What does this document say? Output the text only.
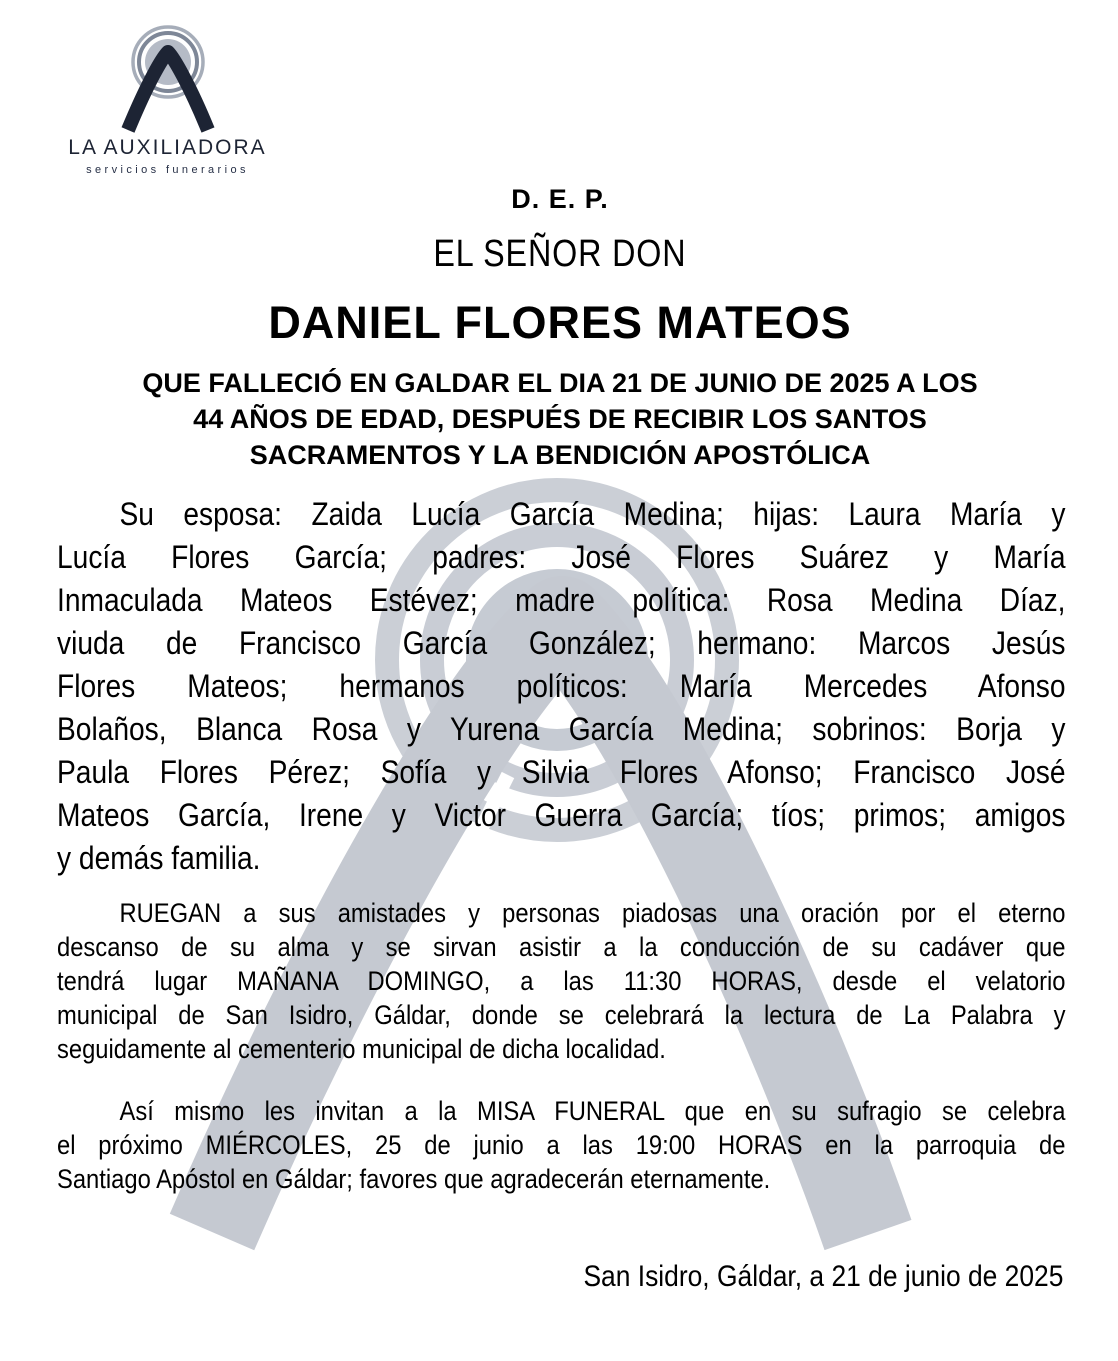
LA AUXILIADORA
servicios funerarios
D. E. P.
EL SEÑOR DON
DANIEL FLORES MATEOS
QUE FALLECIÓ EN GALDAR EL DIA 21 DE JUNIO DE 2025 A LOS
44 AÑOS DE EDAD, DESPUÉS DE RECIBIR LOS SANTOS
SACRAMENTOS Y LA BENDICIÓN APOSTÓLICA
Su esposa: Zaida Lucía García Medina; hijas: Laura María y
Lucía Flores García; padres: José Flores Suárez y María
Inmaculada Mateos Estévez; madre política: Rosa Medina Díaz,
viuda de Francisco García González; hermano: Marcos Jesús
Flores Mateos; hermanos políticos: María Mercedes Afonso
Bolaños, Blanca Rosa y Yurena García Medina; sobrinos: Borja y
Paula Flores Pérez; Sofía y Silvia Flores Afonso; Francisco José
Mateos García, Irene y Victor Guerra García; tíos; primos; amigos
y demás familia.
RUEGAN a sus amistades y personas piadosas una oración por el eterno
descanso de su alma y se sirvan asistir a la conducción de su cadáver que
tendrá lugar MAÑANA DOMINGO, a las 11:30 HORAS, desde el velatorio
municipal de San Isidro, Gáldar, donde se celebrará la lectura de La Palabra y
seguidamente al cementerio municipal de dicha localidad.
Así mismo les invitan a la MISA FUNERAL que en su sufragio se celebra
el próximo MIÉRCOLES, 25 de junio a las 19:00 HORAS en la parroquia de
Santiago Apóstol en Gáldar; favores que agradecerán eternamente.
San Isidro, Gáldar, a 21 de junio de 2025
